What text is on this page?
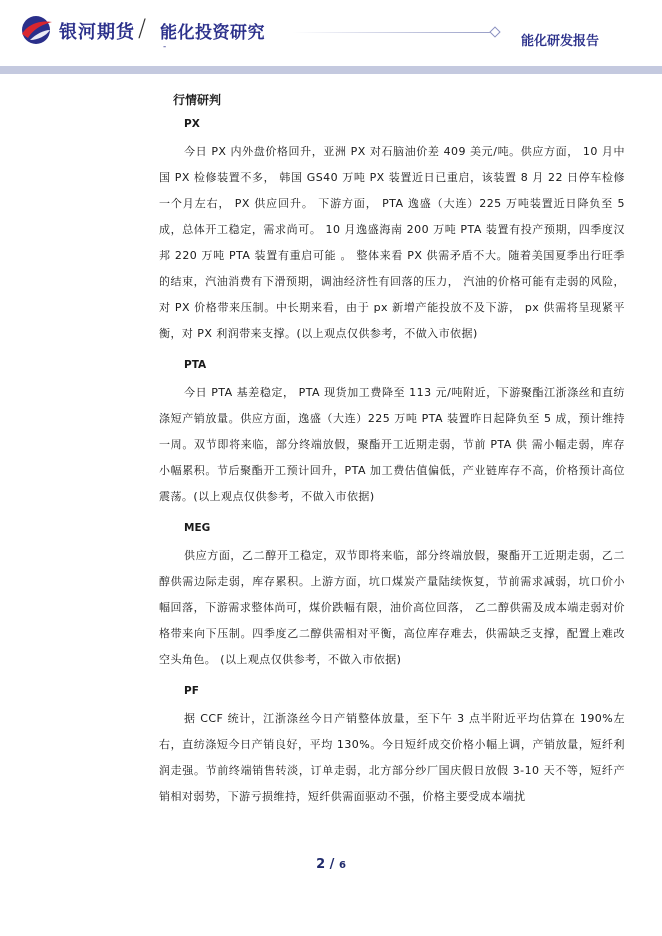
银河期货 / 能化投资研究
-	能化研发报告
行情研判
PX

今日 PX 内外盘价格回升，亚洲 PX 对石脑油价差 409 美元/吨。供应方面， 10 月中国 PX 检修装置不多， 韩国 GS40 万吨 PX 装置近日已重启，该装置 8 月 22 日停车检修一个月左右， PX 供应回升。 下游方面， PTA 逸盛（大连）225 万吨装置近日降负至 5 成，总体开工稳定，需求尚可。 10 月逸盛海南 200 万吨 PTA 装置有投产预期，四季度汉邦 220 万吨 PTA 装置有重启可能 。 整体来看 PX 供需矛盾不大。随着美国夏季出行旺季的结束，汽油消费有下滑预期，调油经济性有回落的压力， 汽油的价格可能有走弱的风险，对 PX 价格带来压制。中长期来看，由于 px 新增产能投放不及下游， px 供需将呈现紧平衡，对 PX 利润带来支撑。(以上观点仅供参考，不做入市依据)

PTA

今日 PTA 基差稳定， PTA 现货加工费降至 113 元/吨附近，下游聚酯江浙涤丝和直纺涤短产销放量。供应方面，逸盛（大连）225 万吨 PTA 装置昨日起降负至 5 成，预计维持一周。双节即将来临，部分终端放假，聚酯开工近期走弱，节前 PTA 供 需小幅走弱，库存小幅累积。节后聚酯开工预计回升，PTA 加工费估值偏低，产业链库存不高，价格预计高位震荡。(以上观点仅供参考，不做入市依据)

MEG

供应方面，乙二醇开工稳定，双节即将来临，部分终端放假，聚酯开工近期走弱，乙二醇供需边际走弱，库存累积。上游方面，坑口煤炭产量陆续恢复，节前需求减弱，坑口价小幅回落，下游需求整体尚可，煤价跌幅有限，油价高位回落， 乙二醇供需及成本端走弱对价格带来向下压制。四季度乙二醇供需相对平衡，高位库存难去，供需缺乏支撑，配置上难改空头角色。 (以上观点仅供参考，不做入市依据)

PF

据 CCF 统计，江浙涤丝今日产销整体放量，至下午 3 点半附近平均估算在 190%左右，直纺涤短今日产销良好，平均 130%。今日短纤成交价格小幅上调，产销放量，短纤利润走强。节前终端销售转淡，订单走弱，北方部分纱厂国庆假日放假 3-10 天不等，短纤产销相对弱势，下游亏损维持，短纤供需面驱动不强，价格主要受成本端扰

2 / 6
